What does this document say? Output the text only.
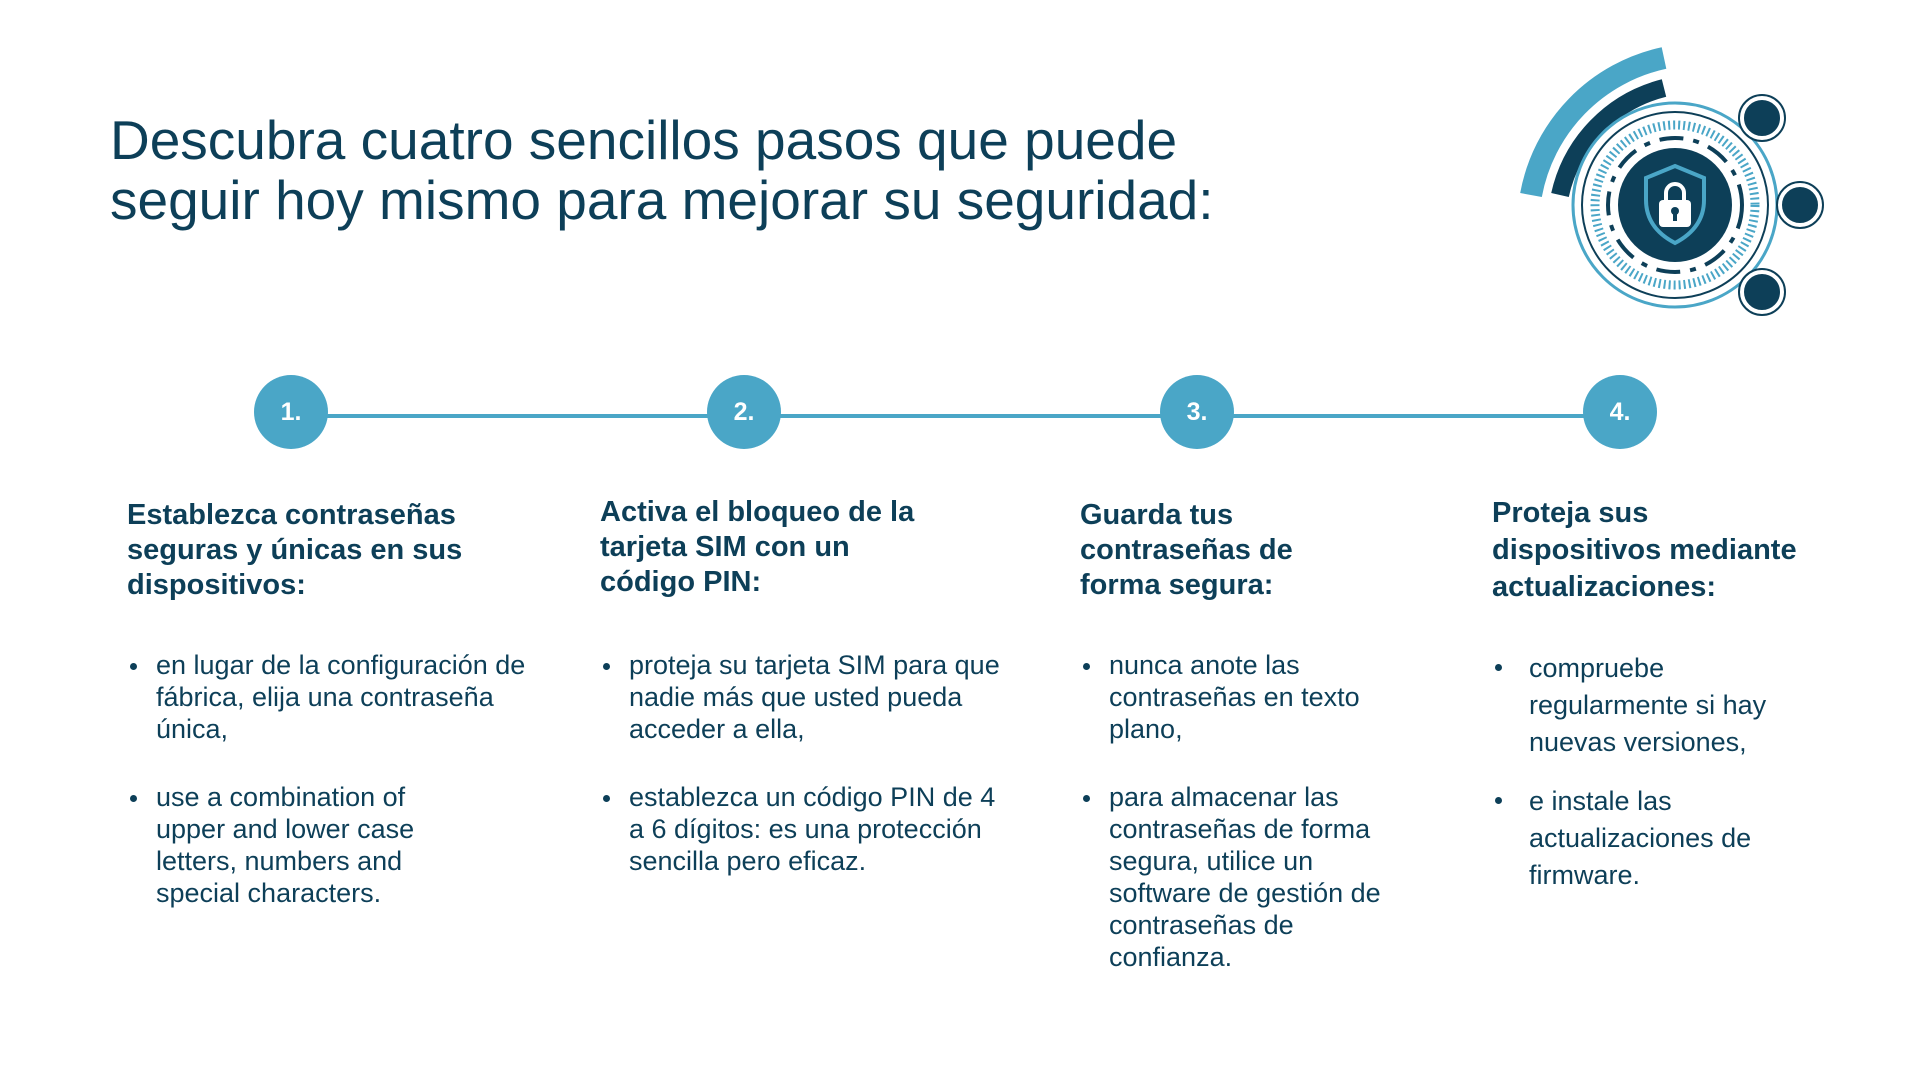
Descubra cuatro sencillos pasos que puede
seguir hoy mismo para mejorar su seguridad:
1.	2.	3.	4.
Establezca contraseñas
seguras y únicas en sus
dispositivos:
en lugar de la configuración de fábrica, elija una contraseña única,
use a combination of upper and lower case letters, numbers and special characters.
Activa el bloqueo de la
tarjeta SIM con un
código PIN:
proteja su tarjeta SIM para que nadie más que usted pueda acceder a ella,
establezca un código PIN de 4 a 6 dígitos: es una protección sencilla pero eficaz.
Guarda tus
contraseñas de
forma segura:
nunca anote las contraseñas en texto plano,
para almacenar las contraseñas de forma segura, utilice un software de gestión de contraseñas de confianza.
Proteja sus
dispositivos mediante
actualizaciones:
compruebe regularmente si hay nuevas versiones,
e instale las actualizaciones de firmware.
